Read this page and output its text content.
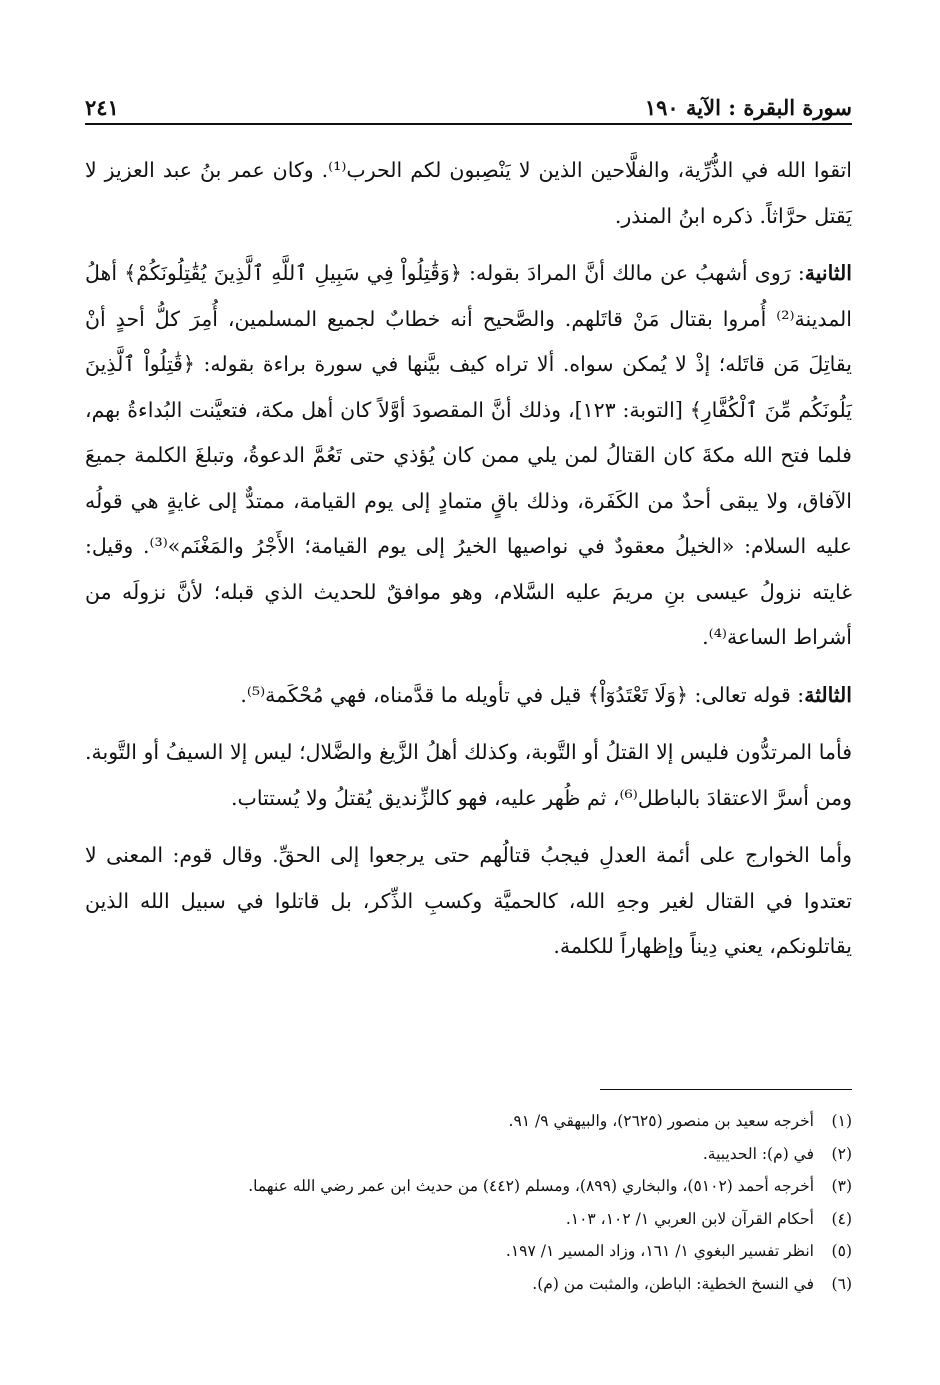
سورة البقرة : الآية ١٩٠
٢٤١

اتقوا الله في الذُّرِّية، والفلَّاحين الذين لا يَنْصِبون لكم الحرب⁽¹⁾. وكان عمر بنُ عبد العزيز لا يَقتل حرَّاثاً. ذكره ابنُ المنذر.

الثانية: رَوى أشهبُ عن مالك أنَّ المرادَ بقوله: ﴿وَقَٰتِلُواْ فِي سَبِيلِ ٱللَّهِ ٱلَّذِينَ يُقَٰتِلُونَكُمْ﴾ أهلُ المدينة⁽²⁾ أُمروا بقتال مَنْ قاتَلهم. والصَّحيح أنه خطابٌ لجميع المسلمين، أُمِرَ كلُّ أحدٍ أنْ يقاتِلَ مَن قاتَله؛ إذْ لا يُمكن سواه. ألا تراه كيف بيَّنها في سورة براءة بقوله: ﴿قَٰتِلُواْ ٱلَّذِينَ يَلُونَكُم مِّنَ ٱلْكُفَّارِ﴾ [التوبة: ١٢٣]، وذلك أنَّ المقصودَ أوَّلاً كان أهل مكة، فتعيَّنت البُداءةُ بهم، فلما فتح الله مكةَ كان القتالُ لمن يلي ممن كان يُؤذي حتى تَعُمَّ الدعوةُ، وتبلغَ الكلمة جميعَ الآفاق، ولا يبقى أحدٌ من الكَفَرة، وذلك باقٍ متمادٍ إلى يوم القيامة، ممتدٌّ إلى غايةٍ هي قولُه عليه السلام: «الخيلُ معقودٌ في نواصيها الخيرُ إلى يوم القيامة؛ الأَجْرُ والمَغْنَم»⁽³⁾. وقيل: غايته نزولُ عيسى بنِ مريمَ عليه السَّلام، وهو موافقٌ للحديث الذي قبله؛ لأنَّ نزولَه من أشراط الساعة⁽⁴⁾.

الثالثة: قوله تعالى: ﴿وَلَا تَعْتَدُوٓاْ﴾ قيل في تأويله ما قدَّمناه، فهي مُحْكَمة⁽⁵⁾.

فأما المرتدُّون فليس إلا القتلُ أو التَّوبة، وكذلك أهلُ الزَّيغ والضَّلال؛ ليس إلا السيفُ أو التَّوبة. ومن أسرَّ الاعتقادَ بالباطل⁽⁶⁾، ثم ظُهر عليه، فهو كالزِّنديق يُقتلُ ولا يُستتاب.

وأما الخوارج على أئمة العدلِ فيجبُ قتالُهم حتى يرجعوا إلى الحقِّ. وقال قوم: المعنى لا تعتدوا في القتال لغير وجهِ الله، كالحميَّة وكسبِ الذِّكر، بل قاتلوا في سبيل الله الذين يقاتلونكم، يعني دِيناً وإظهاراً للكلمة.

(١)
أخرجه سعيد بن منصور (٢٦٢٥)، والبيهقي ٩/ ٩١.
(٢)
في (م): الحديبية.
(٣)
أخرجه أحمد (٥١٠٢)، والبخاري (٨٩٩)، ومسلم (٤٤٢) من حديث ابن عمر رضي الله عنهما.
(٤)
أحكام القرآن لابن العربي ١/ ١٠٢، ١٠٣.
(٥)
انظر تفسير البغوي ١/ ١٦١، وزاد المسير ١/ ١٩٧.
(٦)
في النسخ الخطية: الباطن، والمثبت من (م).
